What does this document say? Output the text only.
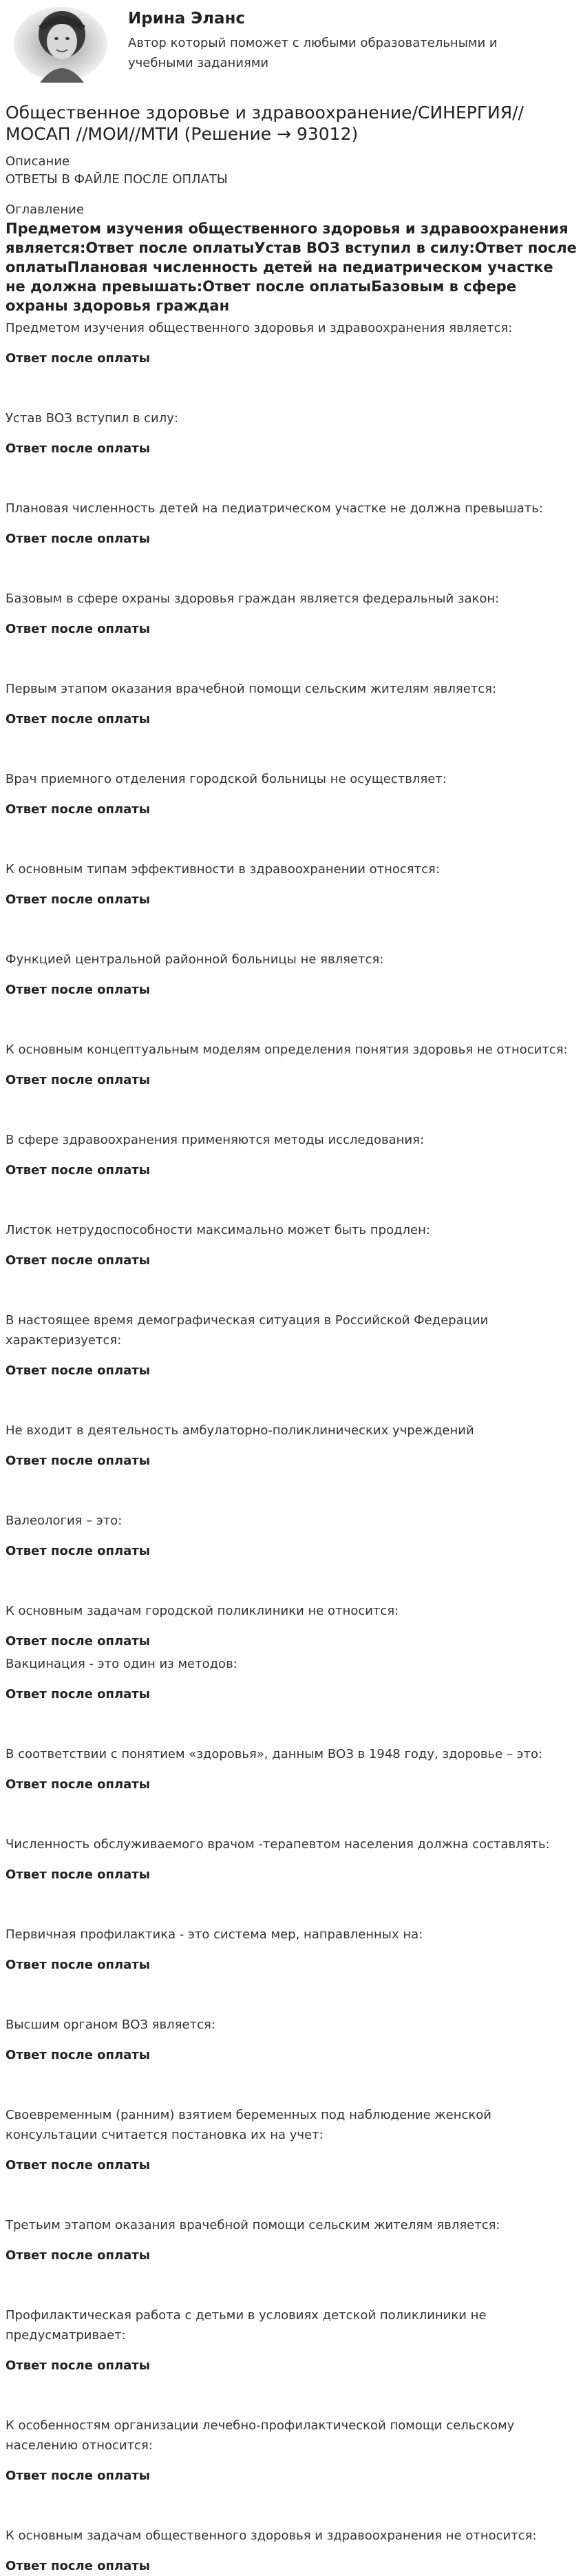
Ирина Эланс
Автор который поможет с любыми образовательными и учебными заданиями
Общественное здоровье и здравоохранение/СИНЕРГИЯ//МОСАП //МОИ//МТИ (Решение → 93012)
Описание
ОТВЕТЫ В ФАЙЛЕ ПОСЛЕ ОПЛАТЫ
Оглавление
Предметом изучения общественного здоровья и здравоохранения является:Ответ после оплатыУстав ВОЗ вступил в силу:Ответ после оплатыПлановая численность детей на педиатрическом участке не должна превышать:Ответ после оплатыБазовым в сфере охраны здоровья граждан
Предметом изучения общественного здоровья и здравоохранения является:
Ответ после оплаты
Устав ВОЗ вступил в силу:
Ответ после оплаты
Плановая численность детей на педиатрическом участке не должна превышать:
Ответ после оплаты
Базовым в сфере охраны здоровья граждан является федеральный закон:
Ответ после оплаты
Первым этапом оказания врачебной помощи сельским жителям является:
Ответ после оплаты
Врач приемного отделения городской больницы не осуществляет:
Ответ после оплаты
К основным типам эффективности в здравоохранении относятся:
Ответ после оплаты
Функцией центральной районной больницы не является:
Ответ после оплаты
К основным концептуальным моделям определения понятия здоровья не относится:
Ответ после оплаты
В сфере здравоохранения применяются методы исследования:
Ответ после оплаты
Листок нетрудоспособности максимально может быть продлен:
Ответ после оплаты
В настоящее время демографическая ситуация в Российской Федерации характеризуется:
Ответ после оплаты
Не входит в деятельность амбулаторно-поликлинических учреждений
Ответ после оплаты
Валеология – это:
Ответ после оплаты
К основным задачам городской поликлиники не относится:
Ответ после оплаты
Вакцинация - это один из методов:
Ответ после оплаты
В соответствии с понятием «здоровья», данным ВОЗ в 1948 году, здоровье – это:
Ответ после оплаты
Численность обслуживаемого врачом -терапевтом населения должна составлять:
Ответ после оплаты
Первичная профилактика - это система мер, направленных на:
Ответ после оплаты
Высшим органом ВОЗ является:
Ответ после оплаты
Своевременным (ранним) взятием беременных под наблюдение женской консультации считается постановка их на учет:
Ответ после оплаты
Третьим этапом оказания врачебной помощи сельским жителям является:
Ответ после оплаты
Профилактическая работа с детьми в условиях детской поликлиники не предусматривает:
Ответ после оплаты
К особенностям организации лечебно-профилактической помощи сельскому населению относится:
Ответ после оплаты
К основным задачам общественного здоровья и здравоохранения не относится:
Ответ после оплаты
